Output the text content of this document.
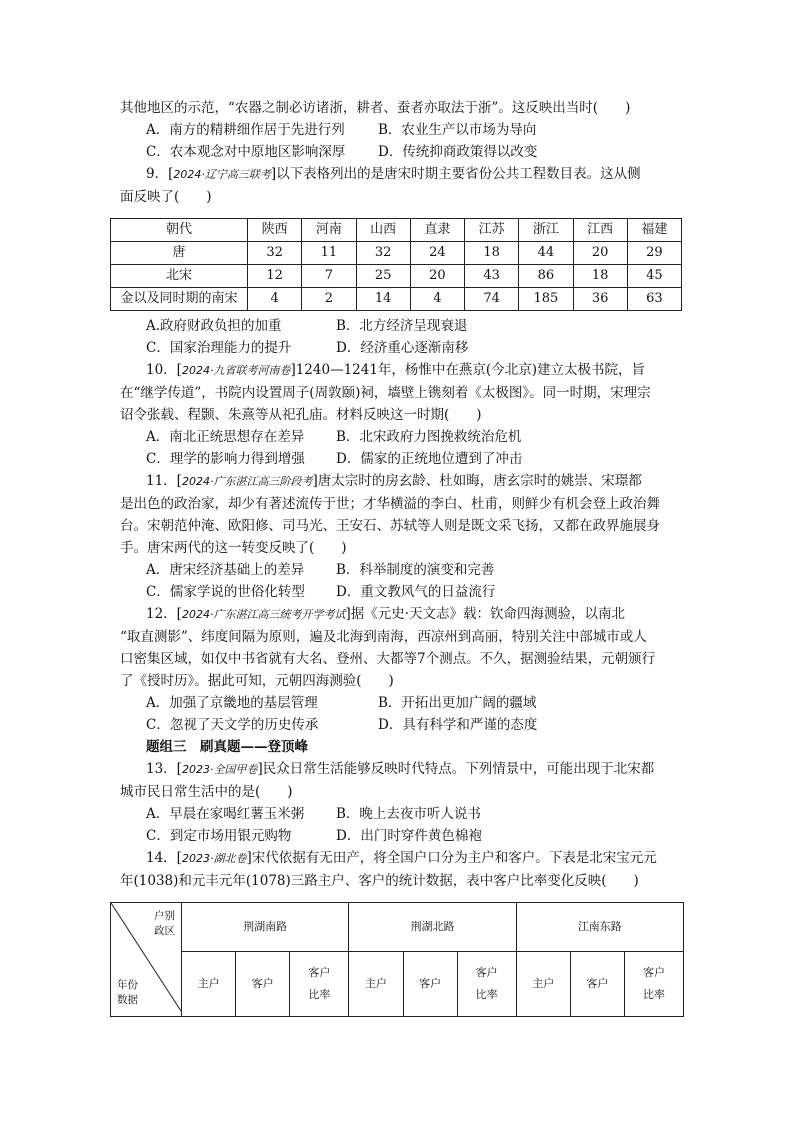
其他地区的示范，“农器之制必访诸浙，耕者、蚕者亦取法于浙”。这反映出当时(　　)
A．南方的精耕细作居于先进行列 B．农业生产以市场为导向
C．农本观念对中原地区影响深厚 D．传统抑商政策得以改变
9．[2024·辽宁高三联考]以下表格列出的是唐宋时期主要省份公共工程数目表。这从侧
面反映了(　　)
朝代	陕西	河南	山西	直隶	江苏	浙江	江西	福建
唐	32	11	32	24	18	44	20	29
北宋	12	7	25	20	43	86	18	45
金以及同时期的南宋	4	2	14	4	74	185	36	63
A.政府财政负担的加重	B．北方经济呈现衰退
C．国家治理能力的提升	D．经济重心逐渐南移
10．[2024·九省联考河南卷]1240—1241年，杨惟中在燕京(今北京)建立太极书院，旨
在“继学传道”，书院内设置周子(周敦颐)祠，墙壁上镌刻着《太极图》。同一时期，宋理宗
诏令张载、程颢、朱熹等从祀孔庙。材料反映这一时期(　　)
A．南北正统思想存在差异 B．北宋政府力图挽救统治危机
C．理学的影响力得到增强 D．儒家的正统地位遭到了冲击
11．[2024·广东湛江高三阶段考]唐太宗时的房玄龄、杜如晦，唐玄宗时的姚崇、宋璟都
是出色的政治家，却少有著述流传于世；才华横溢的李白、杜甫，则鲜少有机会登上政治舞
台。宋朝范仲淹、欧阳修、司马光、王安石、苏轼等人则是既文采飞扬，又都在政界施展身
手。唐宋两代的这一转变反映了(　　)
A．唐宋经济基础上的差异 B．科举制度的演变和完善
C．儒家学说的世俗化转型 D．重文教风气的日益流行
12．[2024·广东湛江高三统考开学考试]据《元史·天文志》载：钦命四海测验，以南北
“取直测影”、纬度间隔为原则，遍及北海到南海，西凉州到高丽，特别关注中部城市或人
口密集区域，如仅中书省就有大名、登州、大都等7个测点。不久，据测验结果，元朝颁行
了《授时历》。据此可知，元朝四海测验(　　)
A．加强了京畿地的基层管理	B．开拓出更加广阔的疆域
C．忽视了天文学的历史传承	D．具有科学和严谨的态度
题组三　刷真题——登顶峰
13．[2023·全国甲卷]民众日常生活能够反映时代特点。下列情景中，可能出现于北宋都
城市民日常生活中的是(　　)
A．早晨在家喝红薯玉米粥 B．晚上去夜市听人说书
C．到定市场用银元购物	D．出门时穿件黄色棉袍
14．[2023·湖北卷]宋代依据有无田产，将全国户口分为主户和客户。下表是北宋宝元元
年(1038)和元丰元年(1078)三路主户、客户的统计数据，表中客户比率变化反映(　　)
户别
政区
年份
数据	荆湖南路			荆湖北路			江南东路		
	主户	客户	客户比率	主户	客户	客户比率	主户	客户	客户比率
